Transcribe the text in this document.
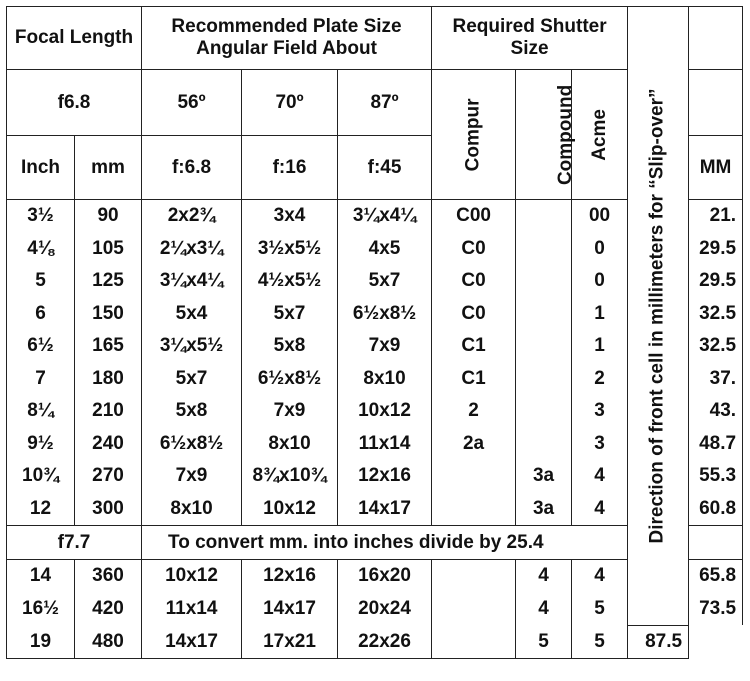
Focal Length		Recommended Plate Size Angular Field About			Required Shutter Size			Direction of front cell in millimeters for “Slip-over”	

f6.8		56º	70º	87º	Compur	Compound	Acme		
Inch	mm	f:6.8	f:16	f:45					MM
3½	90	2x2¾	3x4	3¼x4¼	C00		00		21.
4⅛	105	2¼x3¼	3½x5½	4x5	C0		0		29.5
5	125	3¼x4¼	4½x5½	5x7	C0		0		29.5
6	150	5x4	5x7	6½x8½	C0		1		32.5
6½	165	3¼x5½	5x8	7x9	C1		1		32.5
7	180	5x7	6½x8½	8x10	C1		2		37.
8¼	210	5x8	7x9	10x12	2		3		43.
9½	240	6½x8½	8x10	11x14	2a		3		48.7
10¾	270	7x9	8¾x10¾	12x16		3a	4		55.3
12	300	8x10	10x12	14x17		3a	4		60.8
f7.7		To convert mm. into inches divide by 25.4							
14	360	10x12	12x16	16x20		4	4		65.8
16½	420	11x14	14x17	20x24		4	5		73.5
19	480	14x17	17x21	22x26		5	5	87.5	
